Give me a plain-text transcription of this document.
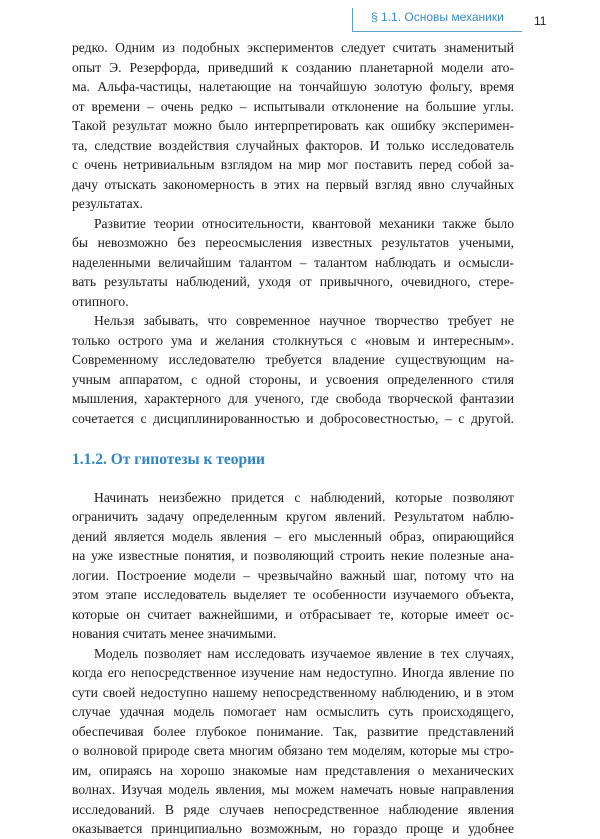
§ 1.1. Основы механики	11

редко. Одним из подобных экспериментов следует считать знаменитый
опыт Э. Резерфорда, приведший к созданию планетарной модели ато-
ма. Альфа-частицы, налетающие на тончайшую золотую фольгу, время
от времени – очень редко – испытывали отклонение на большие углы.
Такой результат можно было интерпретировать как ошибку эксперимен-
та, следствие воздействия случайных факторов. И только исследователь
с очень нетривиальным взглядом на мир мог поставить перед собой за-
дачу отыскать закономерность в этих на первый взгляд явно случайных
результатах.

Развитие теории относительности, квантовой механики также было
бы невозможно без переосмысления известных результатов учеными,
наделенными величайшим талантом – талантом наблюдать и осмысли-
вать результаты наблюдений, уходя от привычного, очевидного, стере-
отипного.

Нельзя забывать, что современное научное творчество требует не
только острого ума и желания столкнуться с «новым и интересным».
Современному исследователю требуется владение существующим на-
учным аппаратом, с одной стороны, и усвоения определенного стиля
мышления, характерного для ученого, где свобода творческой фантазии
сочетается с дисциплинированностью и добросовестностью, – с другой.

1.1.2. От гипотезы к теории

Начинать неизбежно придется с наблюдений, которые позволяют
ограничить задачу определенным кругом явлений. Результатом наблю-
дений является модель явления – его мысленный образ, опирающийся
на уже известные понятия, и позволяющий строить некие полезные ана-
логии. Построение модели – чрезвычайно важный шаг, потому что на
этом этапе исследователь выделяет те особенности изучаемого объекта,
которые он считает важнейшими, и отбрасывает те, которые имеет ос-
нования считать менее значимыми.

Модель позволяет нам исследовать изучаемое явление в тех случаях,
когда его непосредственное изучение нам недоступно. Иногда явление по
сути своей недоступно нашему непосредственному наблюдению, и в этом
случае удачная модель помогает нам осмыслить суть происходящего,
обеспечивая более глубокое понимание. Так, развитие представлений
о волновой природе света многим обязано тем моделям, которые мы стро-
им, опираясь на хорошо знакомые нам представления о механических
волнах. Изучая модель явления, мы можем намечать новые направления
исследований. В ряде случаев непосредственное наблюдение явления
оказывается принципиально возможным, но гораздо проще и удобнее
